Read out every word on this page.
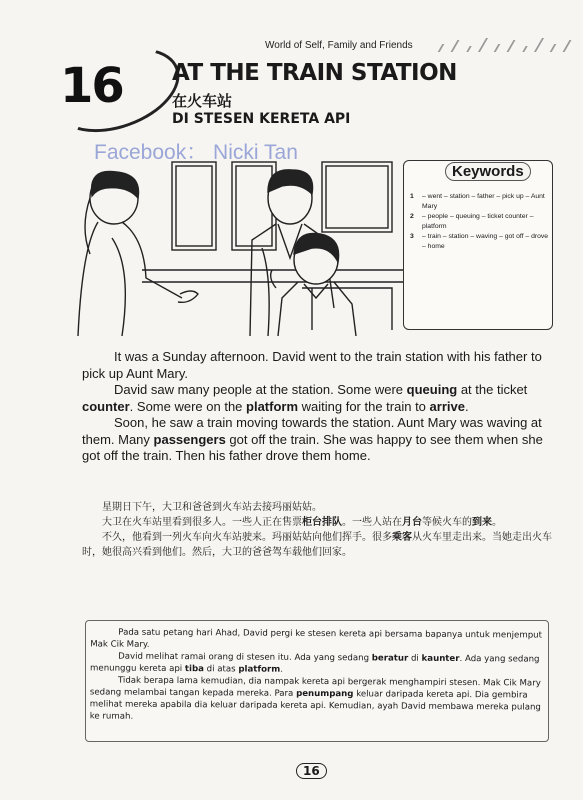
World of Self, Family and Friends
16 AT THE TRAIN STATION
在火车站
DI STESEN KERETA API
Facebook： Nicki Tan
Keywords
1	– went – station – father – pick up – Aunt Mary
2	– people – queuing – ticket counter – platform
3	– train – station – waving – got off – drove – home

It was a Sunday afternoon. David went to the train station with his father to pick up Aunt Mary.

David saw many people at the station. Some were queuing at the ticket counter. Some were on the platform waiting for the train to arrive.

Soon, he saw a train moving towards the station. Aunt Mary was waving at them. Many passengers got off the train. She was happy to see them when she got off the train. Then his father drove them home.

星期日下午，大卫和爸爸到火车站去接玛丽姑姑。

大卫在火车站里看到很多人。一些人正在售票柜台排队。一些人站在月台等候火车的到来。

不久，他看到一列火车向火车站驶来。玛丽姑姑向他们挥手。很多乘客从火车里走出来。当她走出火车时，她很高兴看到他们。然后，大卫的爸爸驾车载他们回家。

Pada satu petang hari Ahad, David pergi ke stesen kereta api bersama bapanya untuk menjemput Mak Cik Mary.

David melihat ramai orang di stesen itu. Ada yang sedang beratur di kaunter. Ada yang sedang menunggu kereta api tiba di atas platform.

Tidak berapa lama kemudian, dia nampak kereta api bergerak menghampiri stesen. Mak Cik Mary sedang melambai tangan kepada mereka. Para penumpang keluar daripada kereta api. Dia gembira melihat mereka apabila dia keluar daripada kereta api. Kemudian, ayah David membawa mereka pulang ke rumah.

16
